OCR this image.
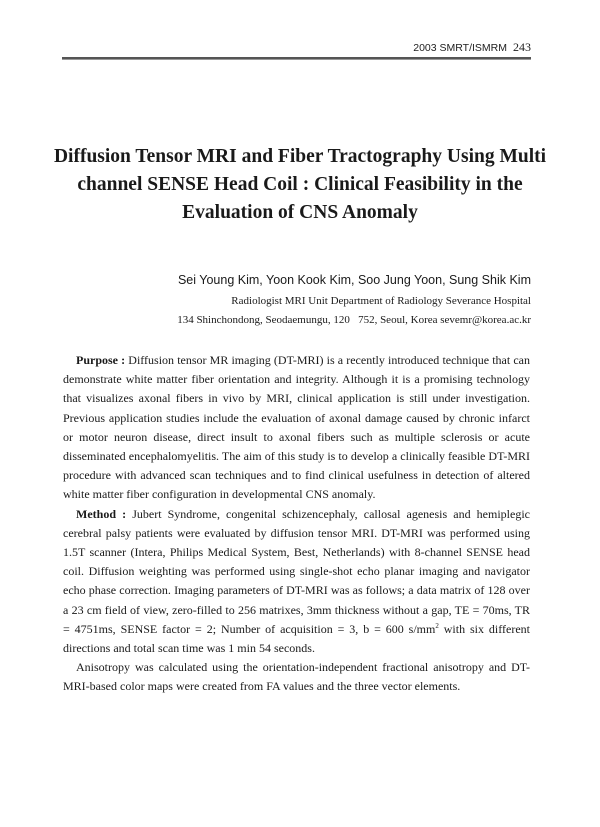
2003 SMRT/ISMRM 243
Diffusion Tensor MRI and Fiber Tractography Using Multi channel SENSE Head Coil : Clinical Feasibility in the Evaluation of CNS Anomaly
Sei Young Kim, Yoon Kook Kim, Soo Jung Yoon, Sung Shik Kim
Radiologist MRI Unit Department of Radiology Severance Hospital
134 Shinchondong, Seodaemungu, 120   752, Seoul, Korea sevemr@korea.ac.kr

Purpose : Diffusion tensor MR imaging (DT-MRI) is a recently introduced technique that can demonstrate white matter fiber orientation and integrity. Although it is a promising technology that visualizes axonal fibers in vivo by MRI, clinical application is still under investigation. Previous application studies include the evaluation of axonal damage caused by chronic infarct or motor neuron disease, direct insult to axonal fibers such as multiple sclerosis or acute disseminated encephalomyelitis. The aim of this study is to develop a clinically feasible DT-MRI procedure with advanced scan techniques and to find clinical usefulness in detection of altered white matter fiber configuration in developmental CNS anomaly.

Method : Jubert Syndrome, congenital schizencephaly, callosal agenesis and hemiplegic cerebral palsy patients were evaluated by diffusion tensor MRI. DT-MRI was performed using 1.5T scanner (Intera, Philips Medical System, Best, Netherlands) with 8-channel SENSE head coil. Diffusion weighting was performed using single-shot echo planar imaging and navigator echo phase correction. Imaging parameters of DT-MRI was as follows; a data matrix of 128 over a 23 cm field of view, zero-filled to 256 matrixes, 3mm thickness without a gap, TE = 70ms, TR = 4751ms, SENSE factor = 2; Number of acquisition = 3, b = 600 $s/mm^2$ with six different directions and total scan time was 1 min 54 seconds.

Anisotropy was calculated using the orientation-independent fractional anisotropy and DT-MRI-based color maps were created from FA values and the three vector elements.
